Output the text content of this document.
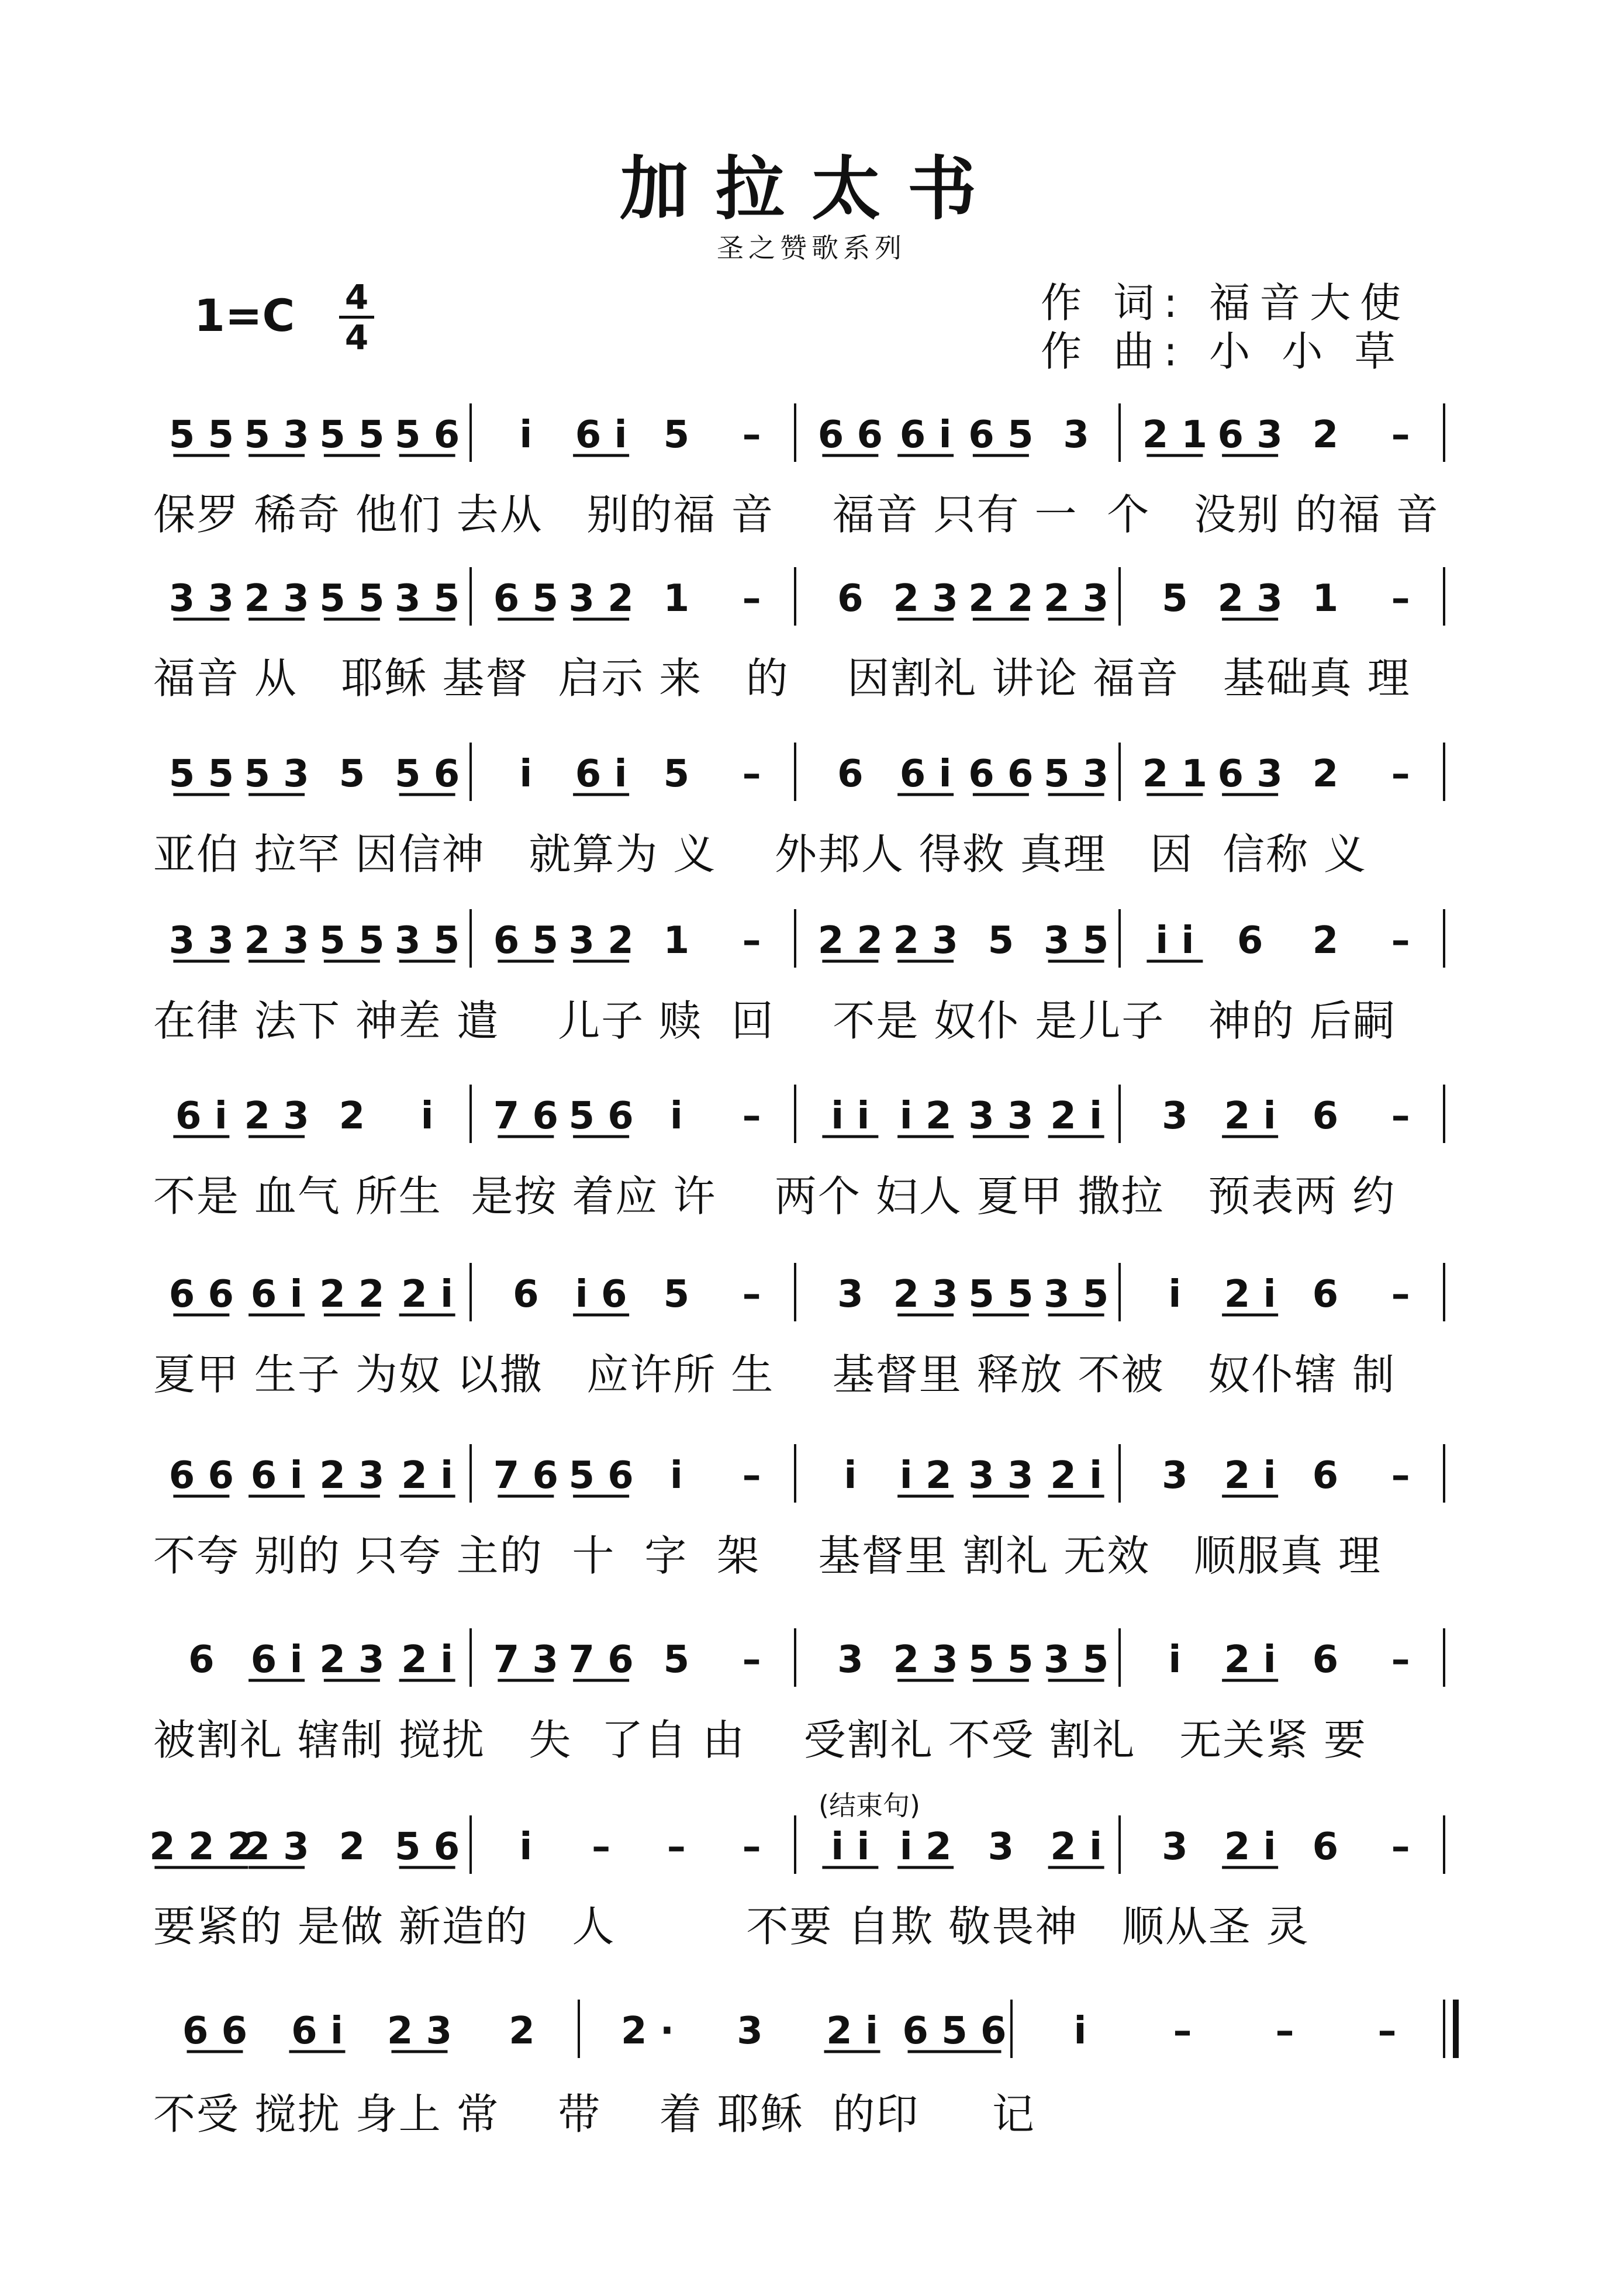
加拉太书
圣之赞歌系列
1=C 4
4
作 词: 福音大使
作 曲: 小 小 草
(结束句)
5 5 5 3 5 5 5 6 i 6 i 5 – 6 6 6 i 6 5 3 2 1 6 3 2 –
3 3 2 3 5 5 3 5 6 5 3 2 1 – 6 2 3 2 2 2 3 5 2 3 1 –
5 5 5 3 5 5 6 i 6 i 5 – 6 6 i 6 6 5 3 2 1 6 3 2 –
3 3 2 3 5 5 3 5 6 5 3 2 1 – 2 2 2 3 5 3 5 i i 6 2 –
6 i 2 3 2 i 7 6 5 6 i – i i i 2 3 3 2 i 3 2 i 6 –
6 6 6 i 2 2 2 i 6 i 6 5 – 3 2 3 5 5 3 5 i 2 i 6 –
6 6 6 i 2 3 2 i 7 6 5 6 i – i i 2 3 3 2 i 3 2 i 6 –
6 6 i 2 3 2 i 7 3 7 6 5 – 3 2 3 5 5 3 5 i 2 i 6 –
2 2 2
2 3 2 5 6 i – – – i i i 2 3 2 i 3 2 i 6 –
6 6 6 i 2 3 2 2 · 3 2 i 6 5 6 i – – –
保罗 稀奇 他们 去从   别的福 音    福音 只有 一  个   没别 的福 音
福音 从   耶稣 基督  启示 来   的    因割礼 讲论 福音   基础真 理
亚伯 拉罕 因信神   就算为 义    外邦人 得救 真理   因  信称 义
在律 法下 神差 遣    儿子 赎  回    不是 奴仆 是儿子   神的 后嗣
不是 血气 所生  是按 着应 许    两个 妇人 夏甲 撒拉   预表两 约
夏甲 生子 为奴 以撒   应许所 生    基督里 释放 不被   奴仆辖 制
不夸 别的 只夸 主的  十  字  架    基督里 割礼 无效   顺服真 理
被割礼 辖制 搅扰   失  了自 由    受割礼 不受 割礼   无关紧 要
要紧的 是做 新造的   人         不要 自欺 敬畏神   顺从圣 灵
不受 搅扰 身上 常    带    着 耶稣  的印     记
